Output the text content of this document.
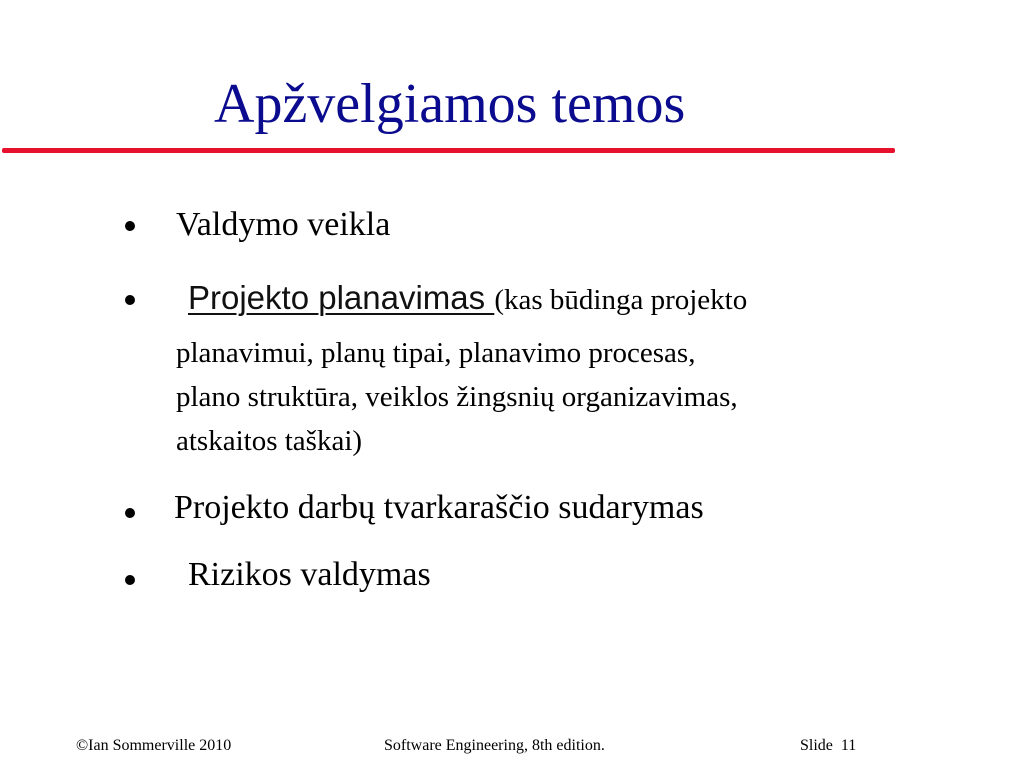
Apžvelgiamos temos
Valdymo veikla
Projekto planavimas (kas būdinga projekto
planavimui, planų tipai, planavimo procesas,
plano struktūra, veiklos žingsnių organizavimas,
atskaitos taškai)
Projekto darbų tvarkaraščio sudarymas
Rizikos valdymas
©Ian Sommerville 2010	Software Engineering, 8th edition.	Slide 11
